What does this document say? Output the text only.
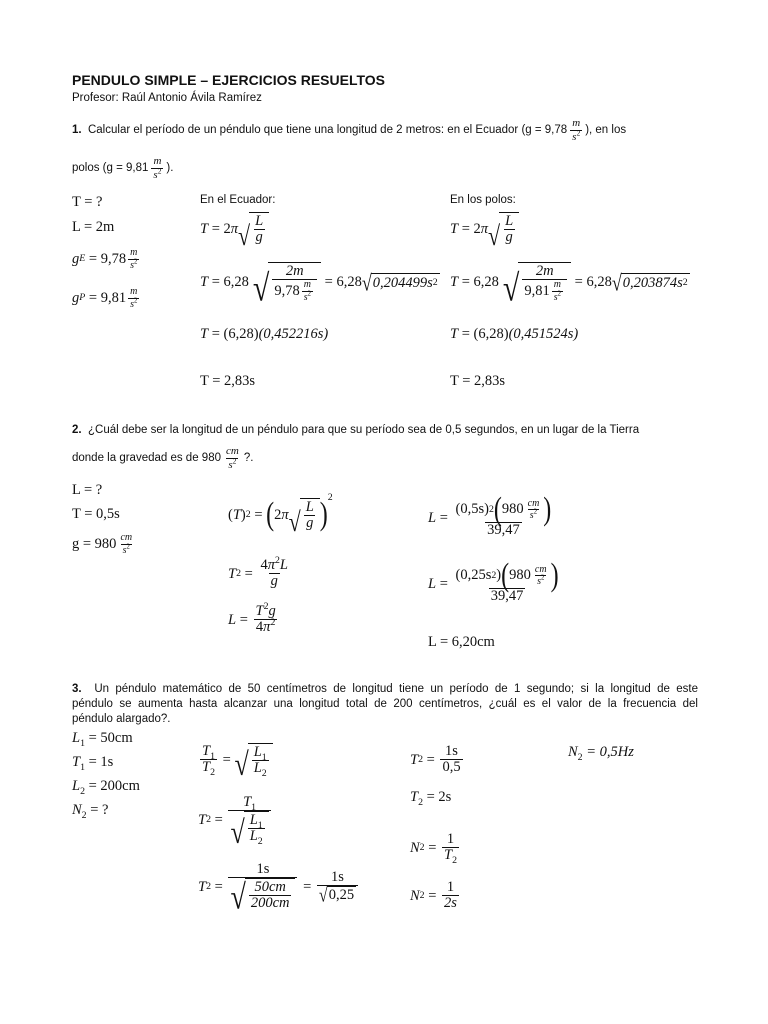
PENDULO SIMPLE – EJERCICIOS RESUELTOS
Profesor: Raúl Antonio Ávila Ramírez
1.
Calcular el período de un péndulo que tiene una longitud de 2 metros: en el Ecuador (g = 9,78
m
$s^2$ ), en los
polos (g = 9,81
m
$s^2$ ).
T = ?
L = 2m
g E
= 9,78 m
$s^2$
g P
= 9,81 m
$s^2$
En el Ecuador:
T = 2 π √ L
g
T = 6,28 √ 2m
9,78 m
$s^2$

= 6,28 √ 0,204499s 2
T = (6,28)(0,452216s)
T = 2,83s
En los polos:
T = 2 π √ L
g
T = 6,28 √ 2m
9,81 m
$s^2$

= 6,28 √ 0,203874s 2
T = (6,28)(0,451524s)
T = 2,83s
2. ¿Cuál debe ser la longitud de un péndulo para que su período sea de 0,5 segundos, en un lugar de la Tierra
donde la gravedad es de 980
cm
$s^2$ ?.
L = ?
T = 0,5s
g = 980 cm
$s^2$
( T ) 2 = ( 2 π √ L
g )
2
T 2 =
$4\pi^2L$
g
L =
$T^2g$
$4\pi^2$
L =
(0,5s) 2 ( 980 cm
$s^2$ )
39,47
L =
(0,25s 2 ) ( 980 cm
$s^2$ )
39,47
L = 6,20cm
3. Un péndulo matemático de 50 centímetros de longitud tiene un período de 1 segundo; si la longitud de este
péndulo se aumenta hasta alcanzar una longitud total de 200 centímetros, ¿cuál es el valor de la frecuencia del
péndulo alargado?.
$L_1 = 50cm$
$T_1 = 1s$
$L_2 = 200cm$
$N_2$ = ?
$T_1$
$T_2$
= √ $L_1$
$L_2$
T 2 =
$T_1$
√ $L_1$
$L_2$
T 2 =
1s
√ 50cm
200cm
=
1s
√ 0,25
T $2 = \frac{1s}{0,5}$
$T_2 = 2s$
N 2 =
1
$T_2$
N 2 =
1
2s
$N_2 = 0,5Hz$
